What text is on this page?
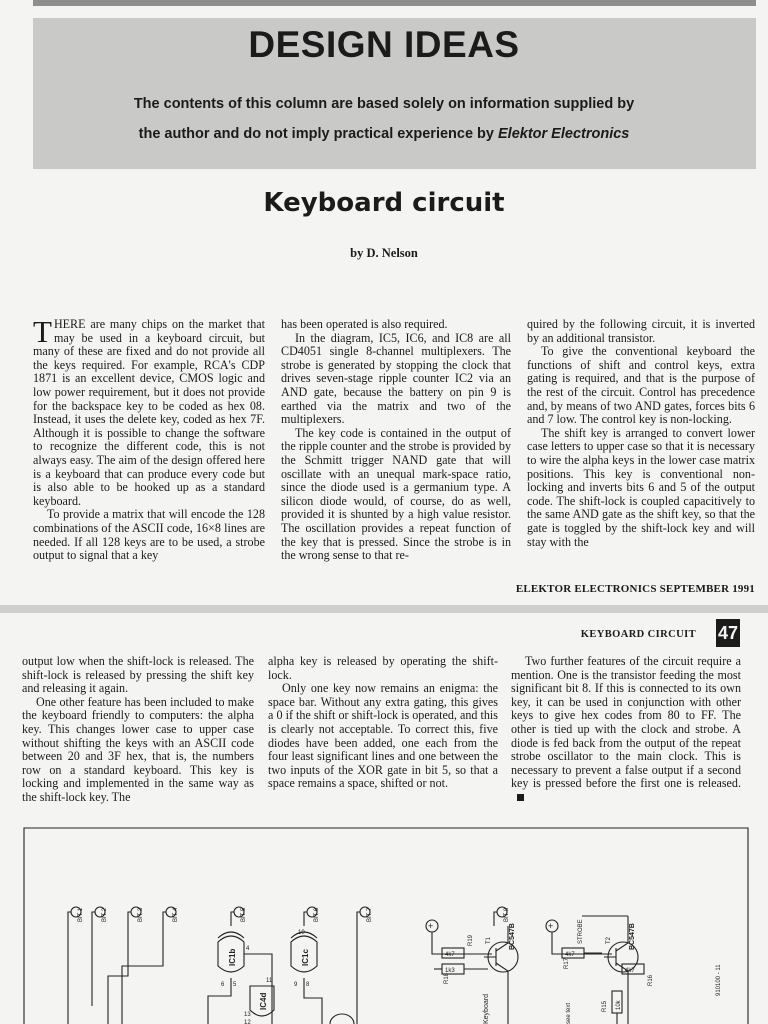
DESIGN IDEAS
The contents of this column are based solely on information supplied by
the author and do not imply practical experience by Elektor Electronics
Keyboard circuit
by D. Nelson

THERE are many chips on the market that may be used in a keyboard circuit, but many of these are fixed and do not provide all the keys required. For example, RCA's CDP 1871 is an excellent device, CMOS logic and low power requirement, but it does not provide for the backspace key to be coded as hex 08. Instead, it uses the delete key, coded as hex 7F. Although it is possible to change the software to recognize the different code, this is not always easy. The aim of the design offered here is a keyboard that can produce every code but is also able to be hooked up as a standard keyboard.

To provide a matrix that will encode the 128 combinations of the ASCII code, 16×8 lines are needed. If all 128 keys are to be used, a strobe output to signal that a key

has been operated is also required.

In the diagram, IC5, IC6, and IC8 are all CD4051 single 8-channel multiplexers. The strobe is generated by stopping the clock that drives seven-stage ripple counter IC2 via an AND gate, because the battery on pin 9 is earthed via the matrix and two of the multiplexers.

The key code is contained in the output of the ripple counter and the strobe is provided by the Schmitt trigger NAND gate that will oscillate with an unequal mark-space ratio, since the diode used is a germanium type. A silicon diode would, of course, do as well, provided it is shunted by a high value resistor. The oscillation provides a repeat function of the key that is pressed. Since the strobe is in the wrong sense to that re-

quired by the following circuit, it is inverted by an additional transistor.

To give the conventional keyboard the functions of shift and control keys, extra gating is required, and that is the purpose of the rest of the circuit. Control has precedence and, by means of two AND gates, forces bits 6 and 7 low. The control key is non-locking.

The shift key is arranged to convert lower case letters to upper case so that it is necessary to wire the alpha keys in the lower case matrix positions. This key is conventional non-locking and inverts bits 6 and 5 of the output code. The shift-lock is coupled capacitively to the same AND gate as the shift key, so that the gate is toggled by the shift-lock key and will stay with the

ELEKTOR ELECTRONICS SEPTEMBER 1991
KEYBOARD CIRCUIT 47

output low when the shift-lock is released. The shift-lock is released by pressing the shift key and releasing it again.

One other feature has been included to make the keyboard friendly to computers: the alpha key. This changes lower case to upper case without shifting the keys with an ASCII code between 20 and 3F hex, that is, the numbers row on a standard keyboard. This key is locking and implemented in the same way as the shift-lock key. The

alpha key is released by operating the shift-lock.

Only one key now remains an enigma: the space bar. Without any extra gating, this gives a 0 if the shift or shift-lock is operated, and this is clearly not acceptable. To correct this, five diodes have been added, one each from the four least significant lines and one between the two inputs of the XOR gate in bit 5, so that a space remains a space, shifted or not.

Two further features of the circuit require a mention. One is the transistor feeding the most significant bit 8. If this is connected to its own key, it can be used in conjunction with other keys to give hex codes from 80 to FF. The other is tied up with the clock and strobe. A diode is fed back from the output of the repeat strobe oscillator to the main clock. This is necessary to prevent a false output if a second key is pressed before the first one is released.

BIT 1	BIT 2	BIT 3	BIT 4	BIT 5	BIT 6	BIT 7	BIT 8
IC1b	IC1c
IC4d
6 5
4
9 8
10
11
13
12
+	+
R19
R18
R17
R16
R15
4k7
1k3
4k7
4k7
10k
T1	T2
BC547B	BC547B
STROBE
Keyboard	see text
910100 - 11
